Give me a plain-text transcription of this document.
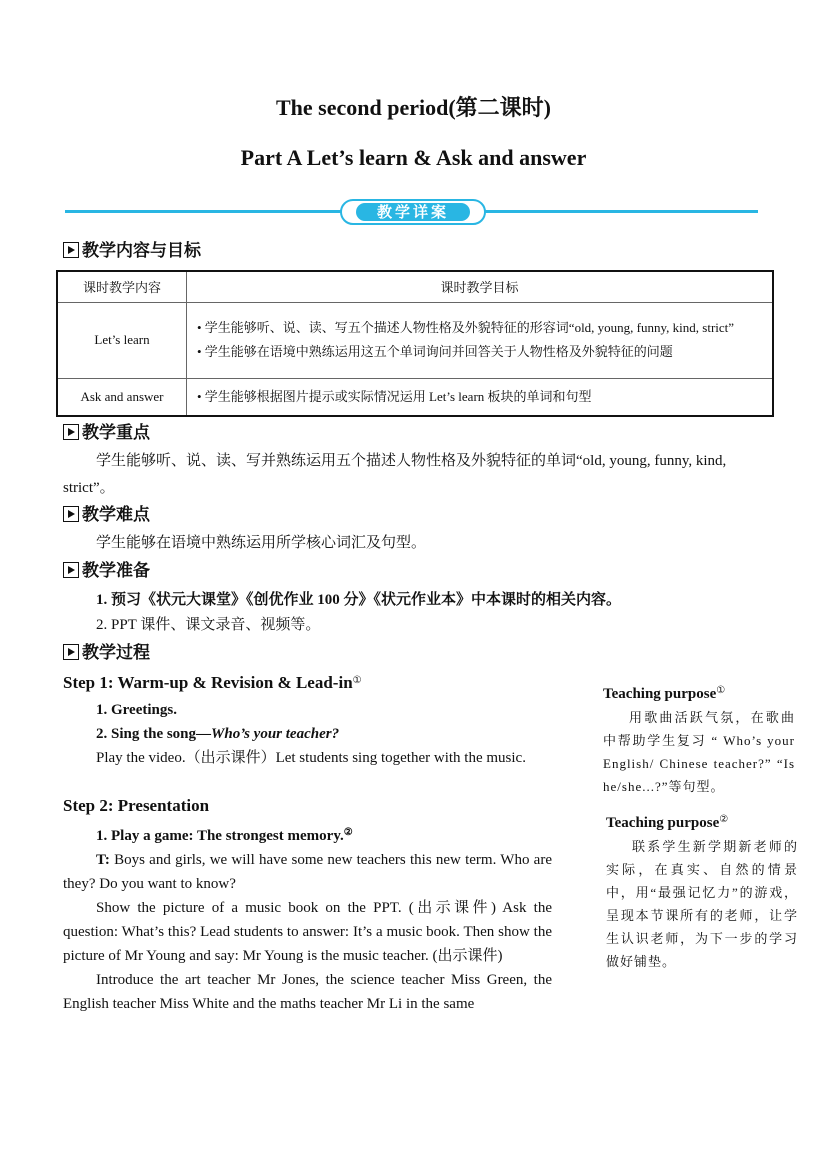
The second period(第二课时)
Part A Let’s learn & Ask and answer
教学详案
教学内容与目标
课时教学内容	课时教学目标
Let’s learn	• 学生能够听、说、读、写五个描述人物性格及外貌特征的形容词“old, young, funny, kind, strict”
• 学生能够在语境中熟练运用这五个单词询问并回答关于人物性格及外貌特征的问题

Ask and answer	• 学生能够根据图片提示或实际情况运用 Let’s learn 板块的单词和句型
教学重点
学生能够听、说、读、写并熟练运用五个描述人物性格及外貌特征的单词“old, young, funny, kind, strict”。
教学难点
学生能够在语境中熟练运用所学核心词汇及句型。
教学准备
1. 预习《状元大课堂》《创优作业 100 分》《状元作业本》中本课时的相关内容。
2. PPT 课件、课文录音、视频等。
教学过程
Step 1: Warm-up & Revision & Lead-in①

1. Greetings.

2. Sing the song—Who’s your teacher?

Play the video.（出示课件）Let students sing together with the music.

Step 2: Presentation

1. Play a game: The strongest memory.②

T: Boys and girls, we will have some new teachers this new term. Who are they? Do you want to know?

Show the picture of a music book on the PPT. (出示课件) Ask the question: What’s this? Lead students to answer: It’s a music book. Then show the picture of Mr Young and say: Mr Young is the music teacher. (出示课件)

Introduce the art teacher Mr Jones, the science teacher Miss Green, the English teacher Miss White and the maths teacher Mr Li in the same

Teaching purpose①
用歌曲活跃气氛，在歌曲中帮助学生复习 “ Who’s your English/ Chinese teacher?” “Is he/she...?”等句型。
Teaching purpose②
联系学生新学期新老师的实际，在真实、自然的情景中，用“最强记忆力”的游戏，呈现本节课所有的老师，让学生认识老师，为下一步的学习做好铺垫。
